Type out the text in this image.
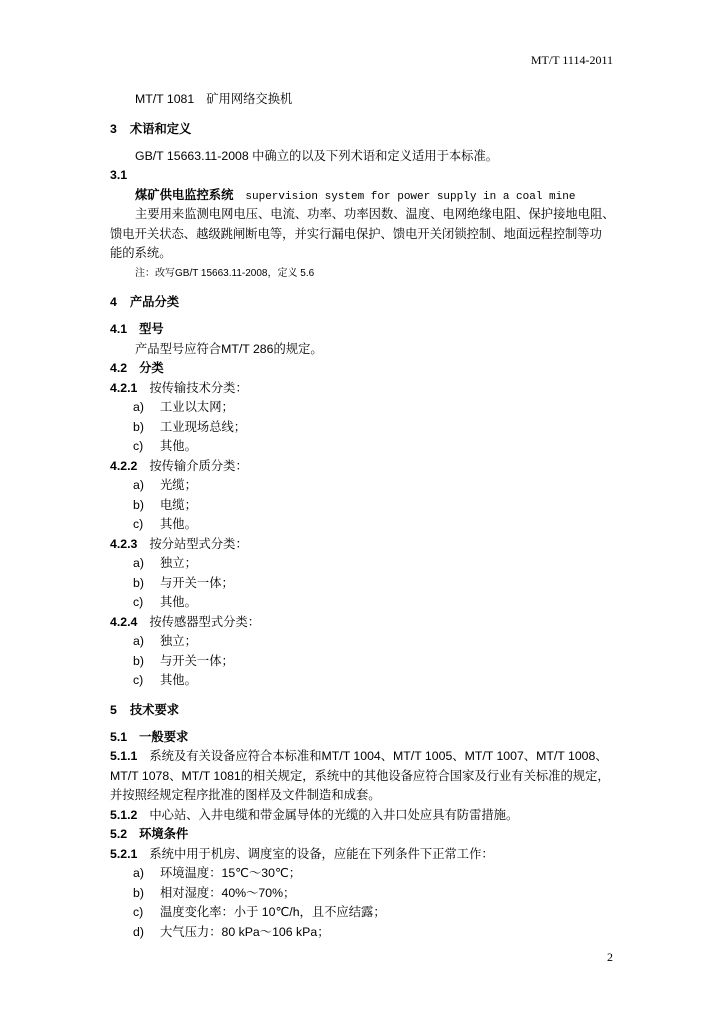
MT/T 1114-2011
MT/T 1081 矿用网络交换机
3 术语和定义
GB/T 15663.11-2008 中确立的以及下列术语和定义适用于本标准。
3.1
煤矿供电监控系统 supervision system for power supply in a coal mine
主要用来监测电网电压、电流、功率、功率因数、温度、电网绝缘电阻、保护接地电阻、
馈电开关状态、越级跳闸断电等，并实行漏电保护、馈电开关闭锁控制、地面远程控制等功
能的系统。
注：改写GB/T 15663.11-2008，定义 5.6
4 产品分类
4.1 型号
产品型号应符合MT/T 286的规定。
4.2 分类
4.2.1 按传输技术分类：
a)	工业以太网；
b)	工业现场总线；
c)	其他。
4.2.2 按传输介质分类：
a)	光缆；
b)	电缆；
c)	其他。
4.2.3 按分站型式分类：
a)	独立；
b)	与开关一体；
c)	其他。
4.2.4 按传感器型式分类：
a)	独立；
b)	与开关一体；
c)	其他。
5 技术要求
5.1 一般要求
5.1.1 系统及有关设备应符合本标准和MT/T 1004、MT/T 1005、MT/T 1007、MT/T 1008、
MT/T 1078、MT/T 1081的相关规定，系统中的其他设备应符合国家及行业有关标准的规定，
并按照经规定程序批准的图样及文件制造和成套。
5.1.2 中心站、入井电缆和带金属导体的光缆的入井口处应具有防雷措施。
5.2 环境条件
5.2.1 系统中用于机房、调度室的设备，应能在下列条件下正常工作：
a)	环境温度：15℃～30℃；
b)	相对湿度：40%～70%；
c)	温度变化率：小于 10℃/h，且不应结露；
d)	大气压力：80 kPa～106 kPa；
2
